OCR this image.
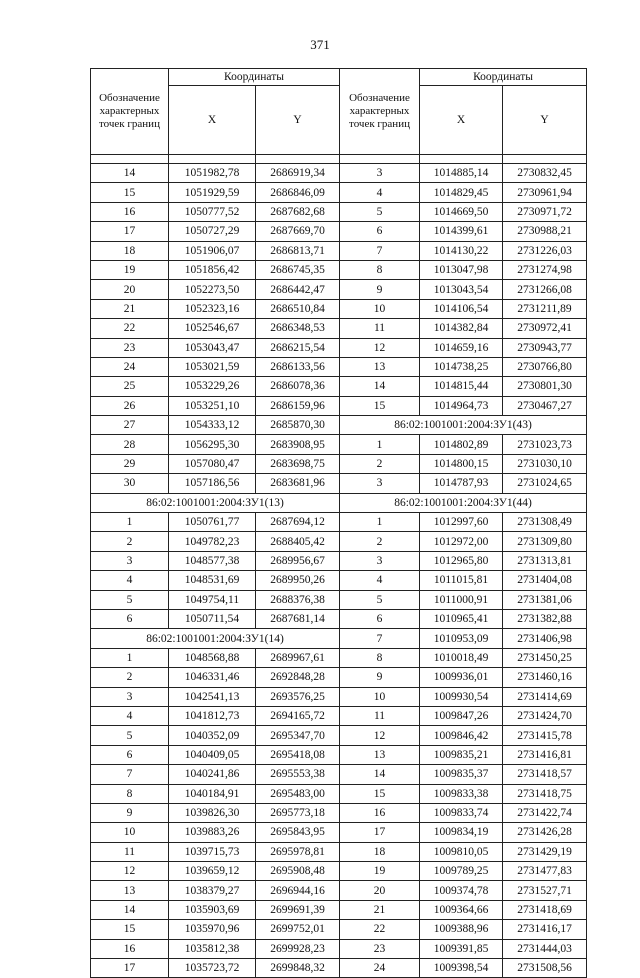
371
Обозначение
характерных
точек границ	Координаты		Обозначение
характерных
точек границ	Координаты	
	X	Y		X	Y

14	1051982,78	2686919,34	3	1014885,14	2730832,45
15	1051929,59	2686846,09	4	1014829,45	2730961,94
16	1050777,52	2687682,68	5	1014669,50	2730971,72
17	1050727,29	2687669,70	6	1014399,61	2730988,21
18	1051906,07	2686813,71	7	1014130,22	2731226,03
19	1051856,42	2686745,35	8	1013047,98	2731274,98
20	1052273,50	2686442,47	9	1013043,54	2731266,08
21	1052323,16	2686510,84	10	1014106,54	2731211,89
22	1052546,67	2686348,53	11	1014382,84	2730972,41
23	1053043,47	2686215,54	12	1014659,16	2730943,77
24	1053021,59	2686133,56	13	1014738,25	2730766,80
25	1053229,26	2686078,36	14	1014815,44	2730801,30
26	1053251,10	2686159,96	15	1014964,73	2730467,27
27	1054333,12	2685870,30	86:02:1001001:2004:ЗУ1(43)		
28	1056295,30	2683908,95	1	1014802,89	2731023,73
29	1057080,47	2683698,75	2	1014800,15	2731030,10
30	1057186,56	2683681,96	3	1014787,93	2731024,65
86:02:1001001:2004:ЗУ1(13)			86:02:1001001:2004:ЗУ1(44)		
1	1050761,77	2687694,12	1	1012997,60	2731308,49
2	1049782,23	2688405,42	2	1012972,00	2731309,80
3	1048577,38	2689956,67	3	1012965,80	2731313,81
4	1048531,69	2689950,26	4	1011015,81	2731404,08
5	1049754,11	2688376,38	5	1011000,91	2731381,06
6	1050711,54	2687681,14	6	1010965,41	2731382,88
86:02:1001001:2004:ЗУ1(14)			7	1010953,09	2731406,98
1	1048568,88	2689967,61	8	1010018,49	2731450,25
2	1046331,46	2692848,28	9	1009936,01	2731460,16
3	1042541,13	2693576,25	10	1009930,54	2731414,69
4	1041812,73	2694165,72	11	1009847,26	2731424,70
5	1040352,09	2695347,70	12	1009846,42	2731415,78
6	1040409,05	2695418,08	13	1009835,21	2731416,81
7	1040241,86	2695553,38	14	1009835,37	2731418,57
8	1040184,91	2695483,00	15	1009833,38	2731418,75
9	1039826,30	2695773,18	16	1009833,74	2731422,74
10	1039883,26	2695843,95	17	1009834,19	2731426,28
11	1039715,73	2695978,81	18	1009810,05	2731429,19
12	1039659,12	2695908,48	19	1009789,25	2731477,83
13	1038379,27	2696944,16	20	1009374,78	2731527,71
14	1035903,69	2699691,39	21	1009364,66	2731418,69
15	1035970,96	2699752,01	22	1009388,96	2731416,17
16	1035812,38	2699928,23	23	1009391,85	2731444,03
17	1035723,72	2699848,32	24	1009398,54	2731508,56
